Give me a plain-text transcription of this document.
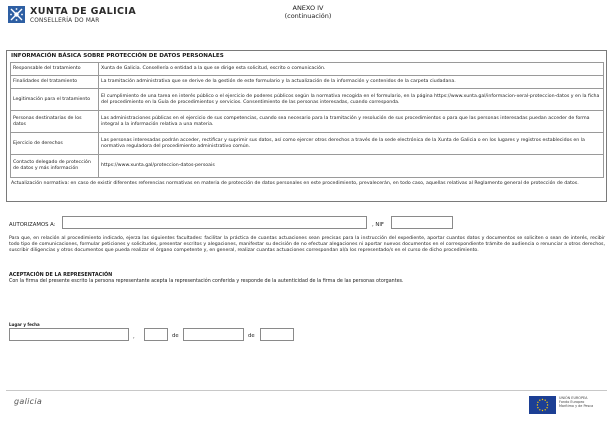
XUNTA DE GALICIA
CONSELLERÍA DO MAR
ANEXO IV
(continuación)
INFORMACIÓN BÁSICA SOBRE PROTECCIÓN DE DATOS PERSONALES
Responsable del tratamiento	Xunta de Galicia. Consellería o entidad a la que se dirige esta solicitud, escrito o comunicación.
Finalidades del tratamiento	La tramitación administrativa que se derive de la gestión de este formulario y la actualización de la información y contenidos de la carpeta ciudadana.
Legitimación para el tratamiento	El cumplimiento de una tarea en interés público o el ejercicio de poderes públicos según la normativa recogida en el formulario, en la página https://www.xunta.gal/informacion-xeral-proteccion-datos y en la ficha del procedimiento en la Guía de procedimientos y servicios. Consentimiento de las personas interesadas, cuando corresponda.
Personas destinatarias de los datos	Las administraciones públicas en el ejercicio de sus competencias, cuando sea necesario para la tramitación y resolución de sus procedimientos o para que las personas interesadas puedan acceder de forma integral a la información relativa a una materia.
Ejercicio de derechos	Las personas interesadas podrán acceder, rectificar y suprimir sus datos, así como ejercer otros derechos a través de la sede electrónica de la Xunta de Galicia o en los lugares y registros establecidos en la normativa reguladora del procedimiento administrativo común.
Contacto delegado de protección de datos y más información	https://www.xunta.gal/proteccion-datos-persoais
Actualización normativa: en caso de existir diferentes referencias normativas en materia de protección de datos personales en este procedimiento, prevalecerán, en todo caso, aquellas relativas al Reglamento general de protección de datos.
AUTORIZAMOS A:	, NIF
Para que, en relación al procedimiento indicado, ejerza las siguientes facultades: facilitar la práctica de cuantas actuaciones sean precisas para la instrucción del expediente, aportar cuantos datos y documentos se soliciten o sean de interés, recibir todo tipo de comunicaciones, formular peticiones y solicitudes, presentar escritos y alegaciones, manifestar su decisión de no efectuar alegaciones ni aportar nuevos documentos en el correspondiente trámite de audiencia o renunciar a otros derechos, suscribir diligencias y otros documentos que pueda realizar el órgano competente y, en general, realizar cuantas actuaciones correspondan al/a los representado/s en el curso de dicho procedimiento.
ACEPTACIÓN DE LA REPRESENTACIÓN
Con la firma del presente escrito la persona representante acepta la representación conferida y responde de la autenticidad de la firma de las personas otorgantes.
Lugar y fecha
,	de	de
galicia	UNIÓN EUROPEA
Fondo Europeo
Marítimo y de Pesca
